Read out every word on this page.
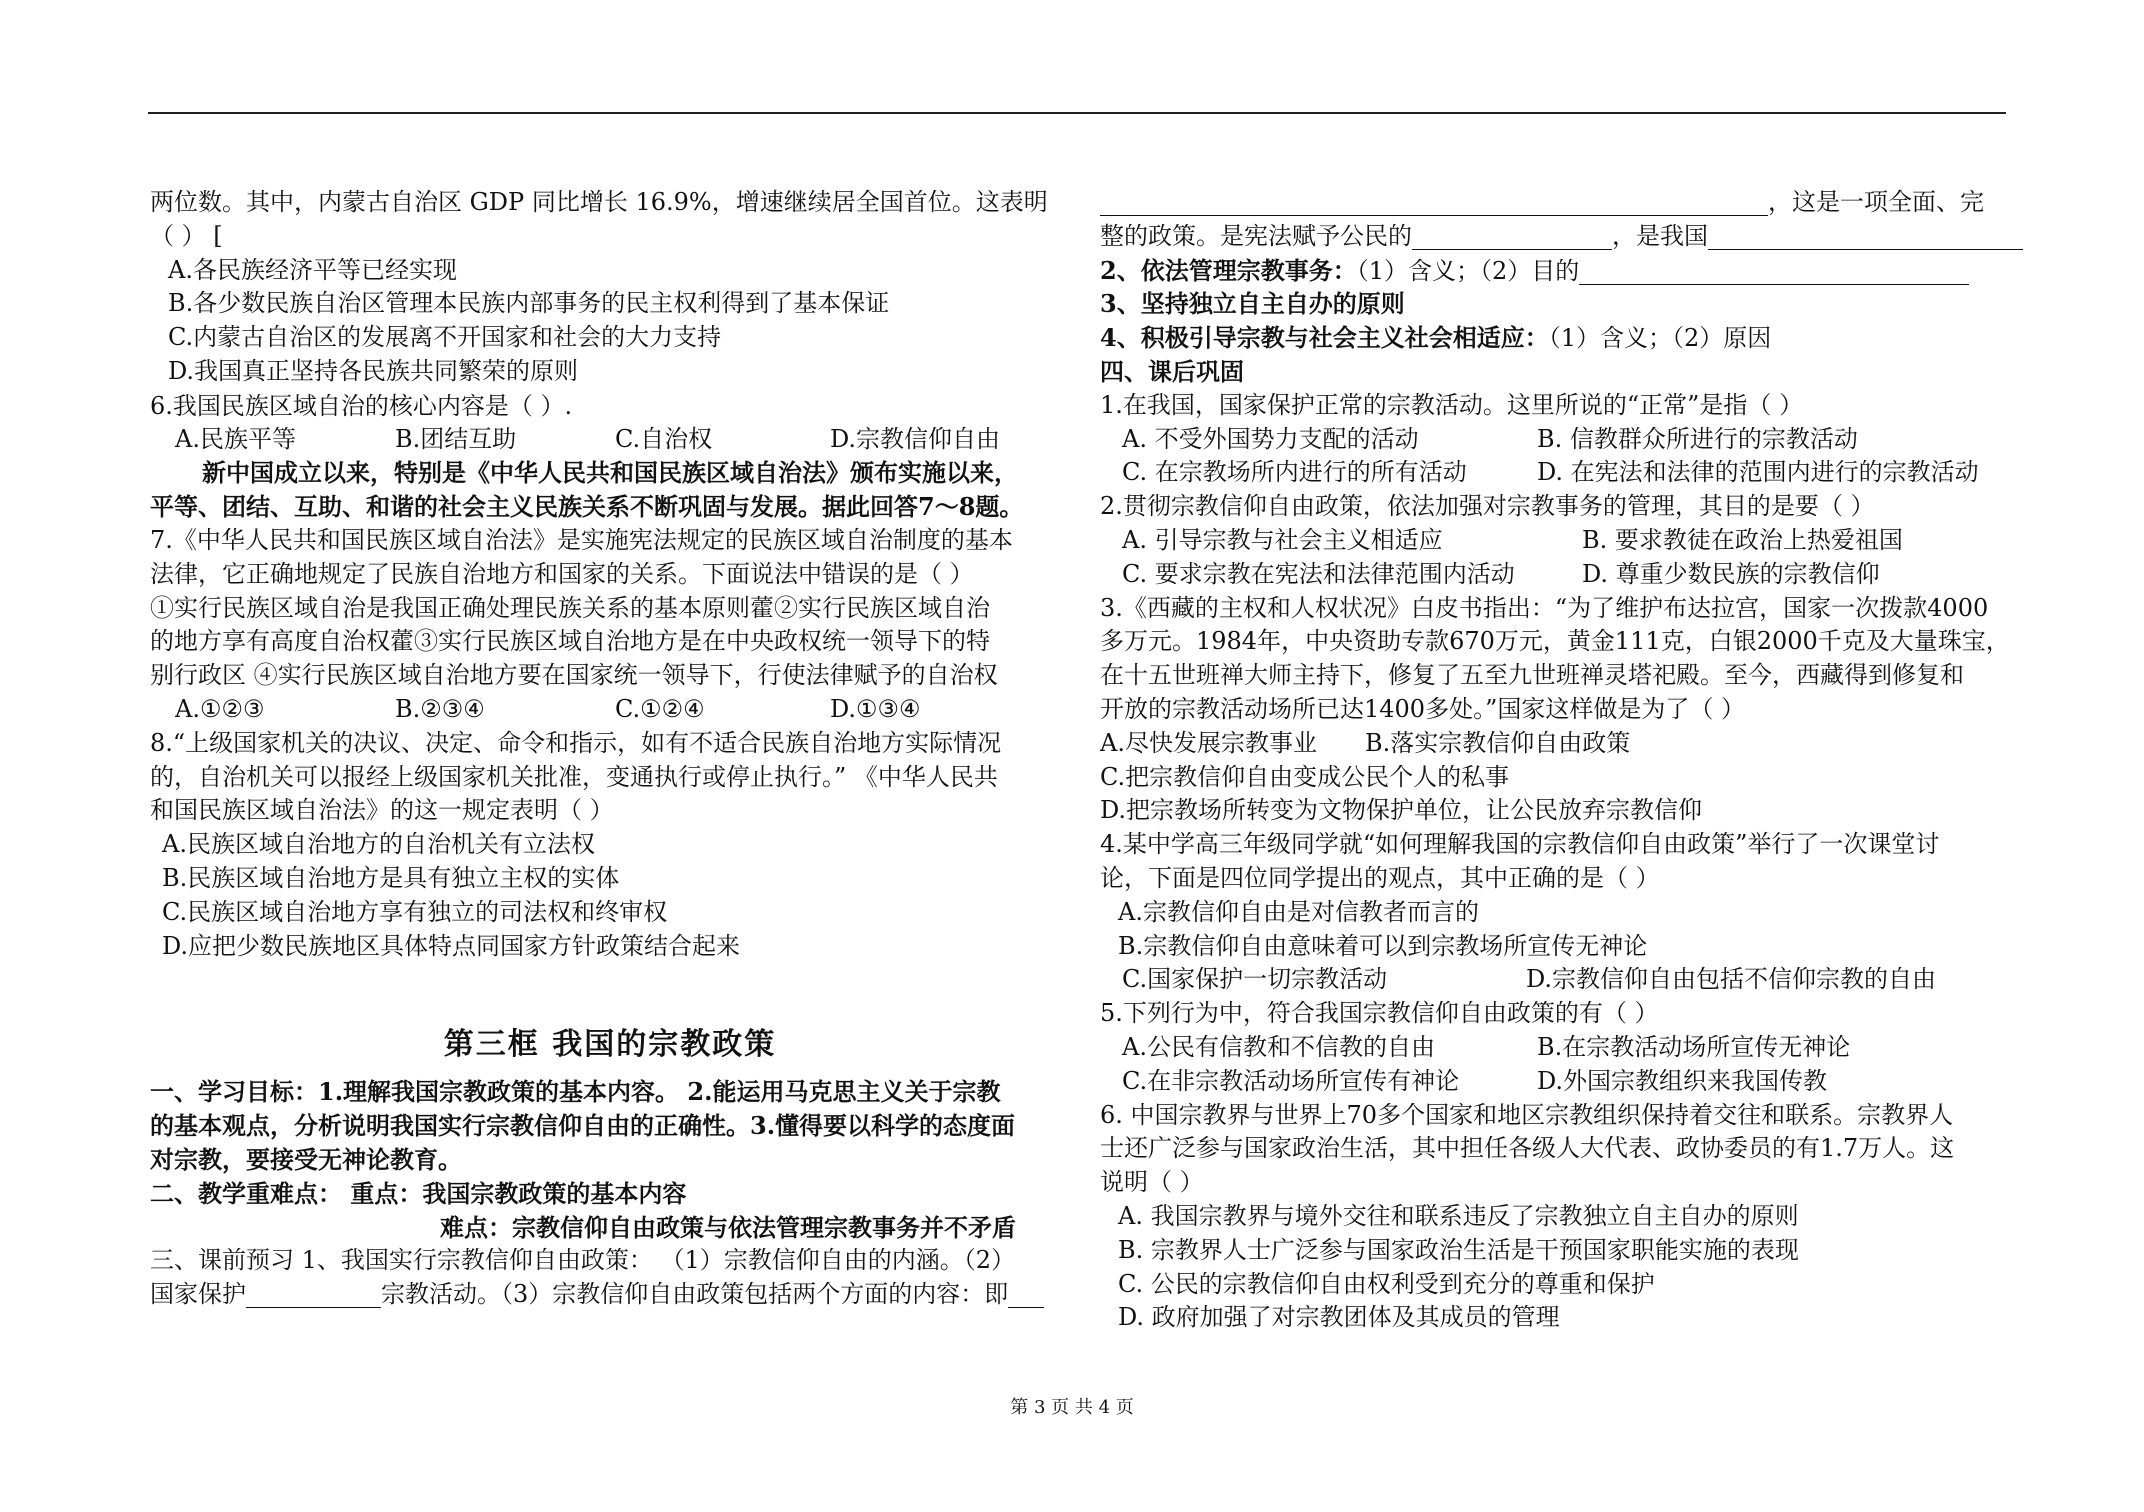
两位数。其中，内蒙古自治区 GDP 同比增长 16.9%，增速继续居全国首位。这表明
（ ） [
A.各民族经济平等已经实现
B.各少数民族自治区管理本民族内部事务的民主权利得到了基本保证
C.内蒙古自治区的发展离不开国家和社会的大力支持
D.我国真正坚持各民族共同繁荣的原则
6.我国民族区域自治的核心内容是（ ）.
A.民族平等	B.团结互助	C.自治权	D.宗教信仰自由
新中国成立以来，特别是《中华人民共和国民族区域自治法》颁布实施以来，
平等、团结、互助、和谐的社会主义民族关系不断巩固与发展。据此回答7～8题。
7.《中华人民共和国民族区域自治法》是实施宪法规定的民族区域自治制度的基本
法律，它正确地规定了民族自治地方和国家的关系。下面说法中错误的是（ ）
①实行民族区域自治是我国正确处理民族关系的基本原则藿②实行民族区域自治
的地方享有高度自治权藿③实行民族区域自治地方是在中央政权统一领导下的特
别行政区 ④实行民族区域自治地方要在国家统一领导下，行使法律赋予的自治权
A.①②③	B.②③④	C.①②④	D.①③④
8.“上级国家机关的决议、决定、命令和指示，如有不适合民族自治地方实际情况
的，自治机关可以报经上级国家机关批准，变通执行或停止执行。” 《中华人民共
和国民族区域自治法》的这一规定表明（ ）
A.民族区域自治地方的自治机关有立法权
B.民族区域自治地方是具有独立主权的实体
C.民族区域自治地方享有独立的司法权和终审权
D.应把少数民族地区具体特点同国家方针政策结合起来
第三框 我国的宗教政策
一、学习目标：1.理解我国宗教政策的基本内容。 2.能运用马克思主义关于宗教
的基本观点，分析说明我国实行宗教信仰自由的正确性。3.懂得要以科学的态度面
对宗教，要接受无神论教育。
二、教学重难点： 重点：我国宗教政策的基本内容
难点：宗教信仰自由政策与依法管理宗教事务并不矛盾
三、课前预习 1、我国实行宗教信仰自由政策： （1）宗教信仰自由的内涵。（2）
国家保护	宗教活动。（3）宗教信仰自由政策包括两个方面的内容：即
，这是一项全面、完
整的政策。是宪法赋予公民的	，是我国
2、依法管理宗教事务：（1）含义；（2）目的
3、坚持独立自主自办的原则
4、积极引导宗教与社会主义社会相适应：（1）含义；（2）原因
四、课后巩固
1.在我国，国家保护正常的宗教活动。这里所说的“正常”是指（ ）
A. 不受外国势力支配的活动	B. 信教群众所进行的宗教活动
C. 在宗教场所内进行的所有活动	D. 在宪法和法律的范围内进行的宗教活动
2.贯彻宗教信仰自由政策，依法加强对宗教事务的管理，其目的是要（ ）
A. 引导宗教与社会主义相适应	B. 要求教徒在政治上热爱祖国
C. 要求宗教在宪法和法律范围内活动	D. 尊重少数民族的宗教信仰
3.《西藏的主权和人权状况》白皮书指出：“为了维护布达拉宫，国家一次拨款4000
多万元。1984年，中央资助专款670万元，黄金111克，白银2000千克及大量珠宝，
在十五世班禅大师主持下，修复了五至九世班禅灵塔祀殿。至今，西藏得到修复和
开放的宗教活动场所已达1400多处。”国家这样做是为了（ ）
A.尽快发展宗教事业	B.落实宗教信仰自由政策
C.把宗教信仰自由变成公民个人的私事
D.把宗教场所转变为文物保护单位，让公民放弃宗教信仰
4.某中学高三年级同学就“如何理解我国的宗教信仰自由政策”举行了一次课堂讨
论，下面是四位同学提出的观点，其中正确的是（ ）
A.宗教信仰自由是对信教者而言的
B.宗教信仰自由意味着可以到宗教场所宣传无神论
C.国家保护一切宗教活动	D.宗教信仰自由包括不信仰宗教的自由
5.下列行为中，符合我国宗教信仰自由政策的有（ ）
A.公民有信教和不信教的自由	B.在宗教活动场所宣传无神论
C.在非宗教活动场所宣传有神论	D.外国宗教组织来我国传教
6. 中国宗教界与世界上70多个国家和地区宗教组织保持着交往和联系。宗教界人
士还广泛参与国家政治生活，其中担任各级人大代表、政协委员的有1.7万人。这
说明（ ）
A. 我国宗教界与境外交往和联系违反了宗教独立自主自办的原则
B. 宗教界人士广泛参与国家政治生活是干预国家职能实施的表现
C. 公民的宗教信仰自由权利受到充分的尊重和保护
D. 政府加强了对宗教团体及其成员的管理
第 3 页 共 4 页
